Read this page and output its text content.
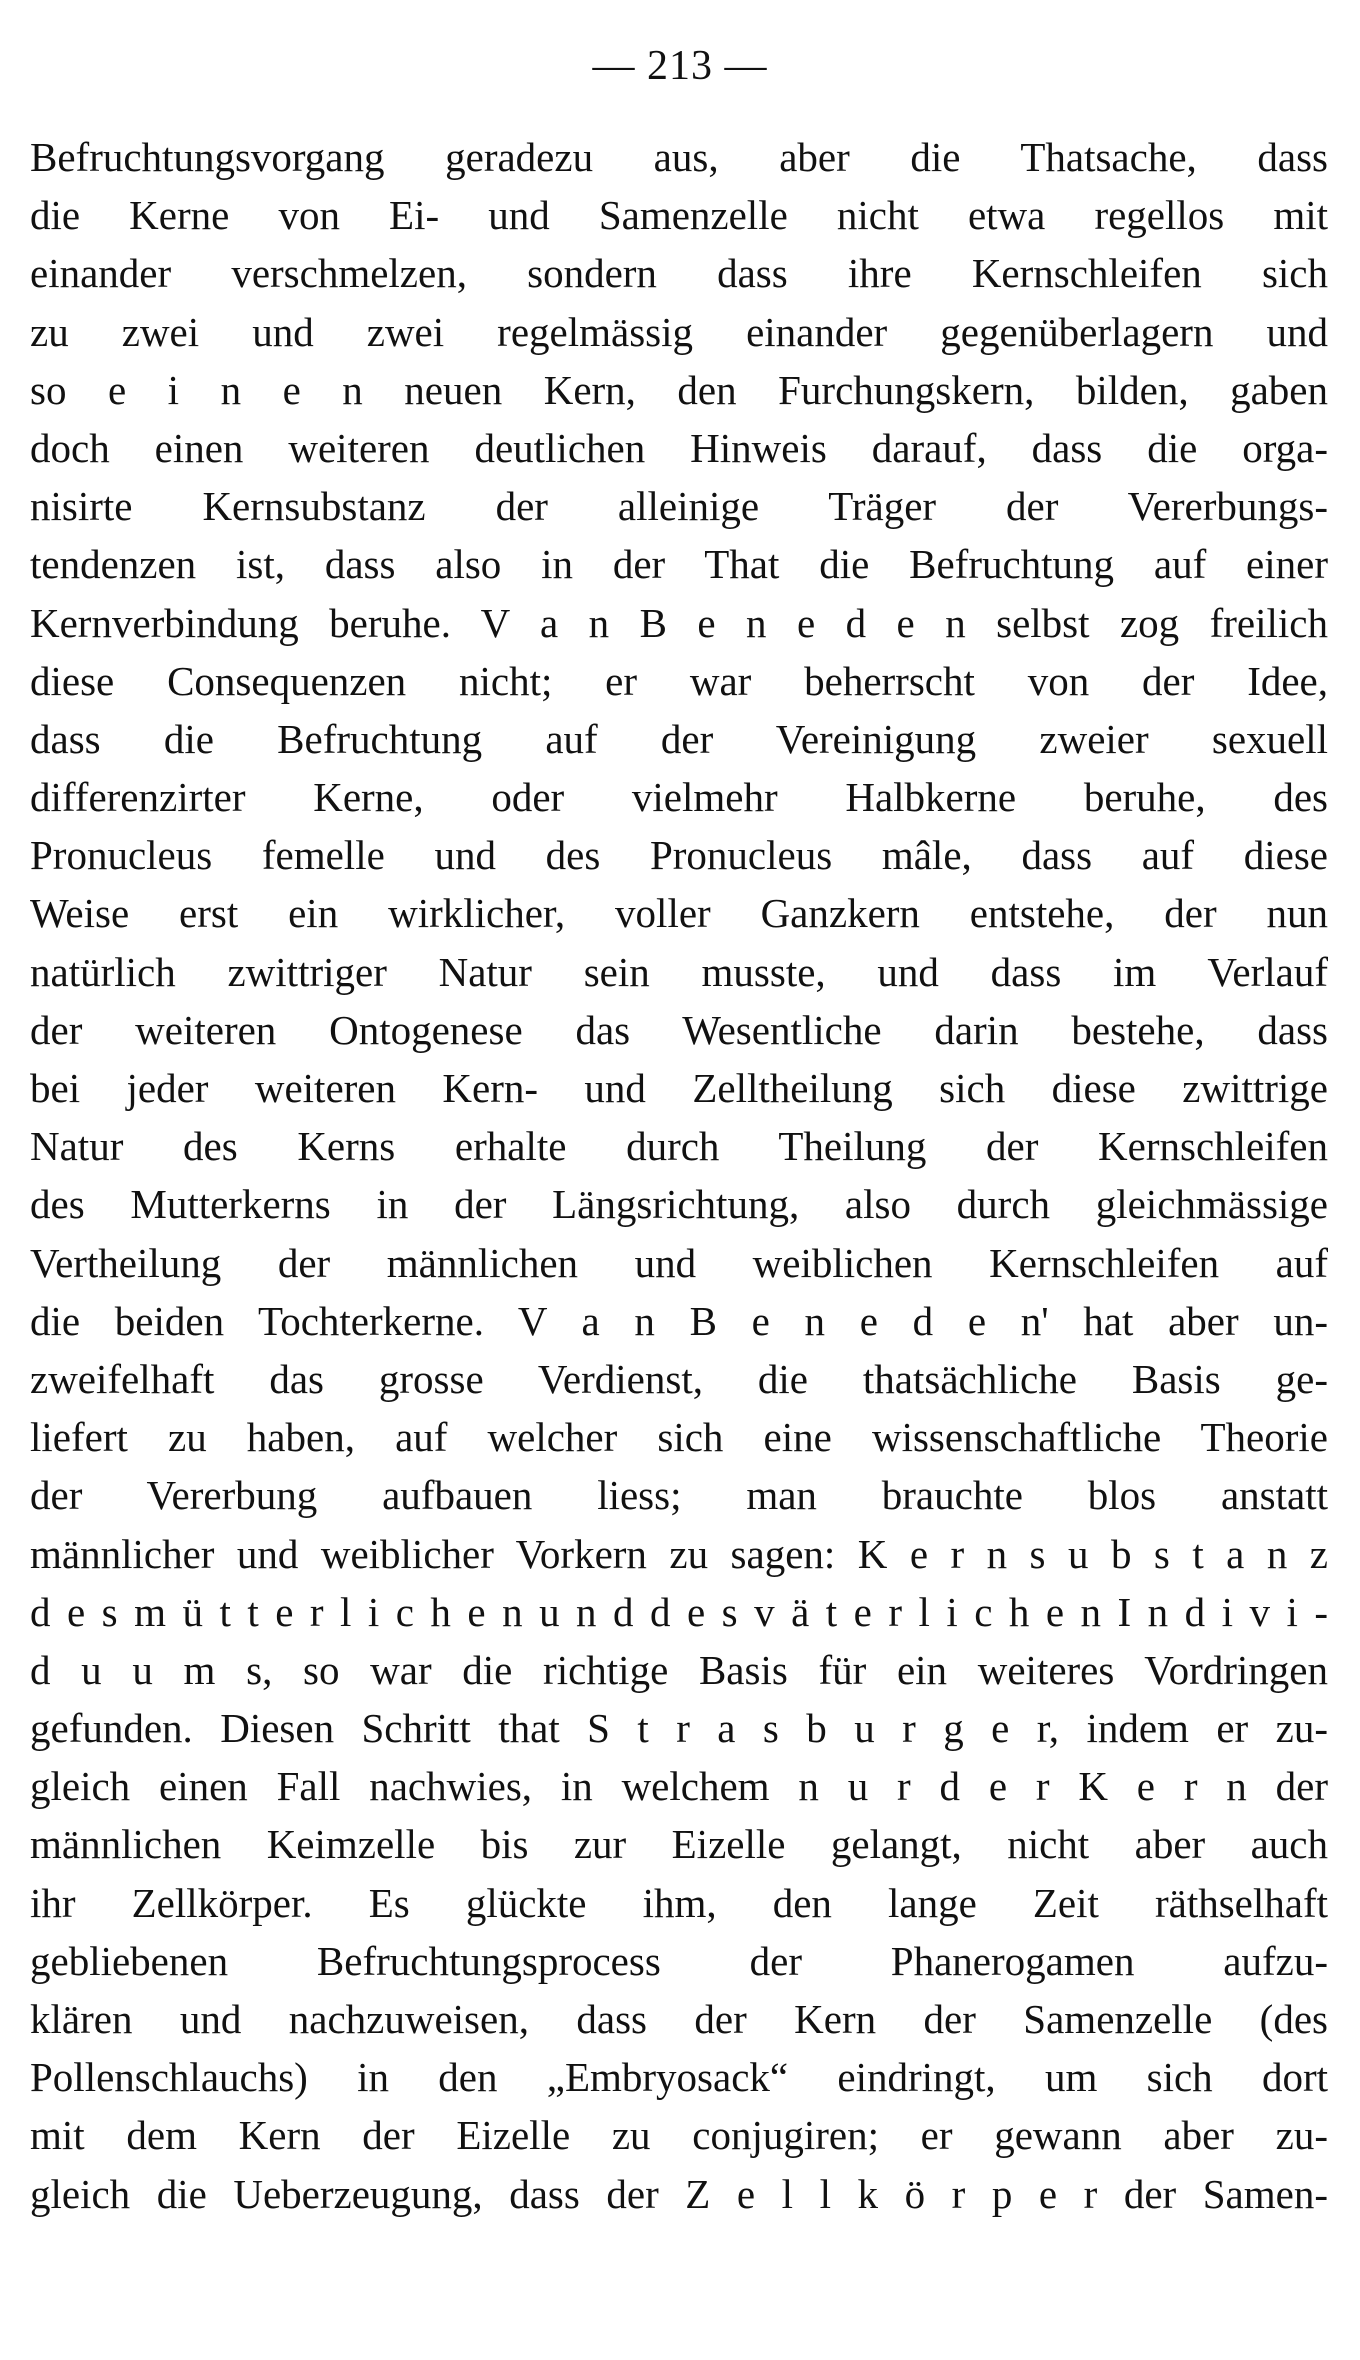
— 213 —
Befruchtungsvorgang geradezu aus, aber die Thatsache, dass
die Kerne von Ei- und Samenzelle nicht etwa regellos mit
einander verschmelzen, sondern dass ihre Kernschleifen sich
zu zwei und zwei regelmässig einander gegenüberlagern und
so e i n e n neuen Kern, den Furchungskern, bilden, gaben
doch einen weiteren deutlichen Hinweis darauf, dass die orga-
nisirte Kernsubstanz der alleinige Träger der Vererbungs-
tendenzen ist, dass also in der That die Befruchtung auf einer
Kernverbindung beruhe. V a n B e n e d e n selbst zog freilich
diese Consequenzen nicht; er war beherrscht von der Idee,
dass die Befruchtung auf der Vereinigung zweier sexuell
differenzirter Kerne, oder vielmehr Halbkerne beruhe, des
Pronucleus femelle und des Pronucleus mâle, dass auf diese
Weise erst ein wirklicher, voller Ganzkern entstehe, der nun
natürlich zwittriger Natur sein musste, und dass im Verlauf
der weiteren Ontogenese das Wesentliche darin bestehe, dass
bei jeder weiteren Kern- und Zelltheilung sich diese zwittrige
Natur des Kerns erhalte durch Theilung der Kernschleifen
des Mutterkerns in der Längsrichtung, also durch gleichmässige
Vertheilung der männlichen und weiblichen Kernschleifen auf
die beiden Tochterkerne. V a n B e n e d e n' hat aber un-
zweifelhaft das grosse Verdienst, die thatsächliche Basis ge-
liefert zu haben, auf welcher sich eine wissenschaftliche Theorie
der Vererbung aufbauen liess; man brauchte blos anstatt
männlicher und weiblicher Vorkern zu sagen: K e r n s u b s t a n z
d e s m ü t t e r l i c h e n u n d d e s v ä t e r l i c h e n I n d i v i -
d u u m s, so war die richtige Basis für ein weiteres Vordringen
gefunden. Diesen Schritt that S t r a s b u r g e r, indem er zu-
gleich einen Fall nachwies, in welchem n u r d e r K e r n der
männlichen Keimzelle bis zur Eizelle gelangt, nicht aber auch
ihr Zellkörper. Es glückte ihm, den lange Zeit räthselhaft
gebliebenen Befruchtungsprocess der Phanerogamen aufzu-
klären und nachzuweisen, dass der Kern der Samenzelle (des
Pollenschlauchs) in den „Embryosack“ eindringt, um sich dort
mit dem Kern der Eizelle zu conjugiren; er gewann aber zu-
gleich die Ueberzeugung, dass der Z e l l k ö r p e r der Samen-
